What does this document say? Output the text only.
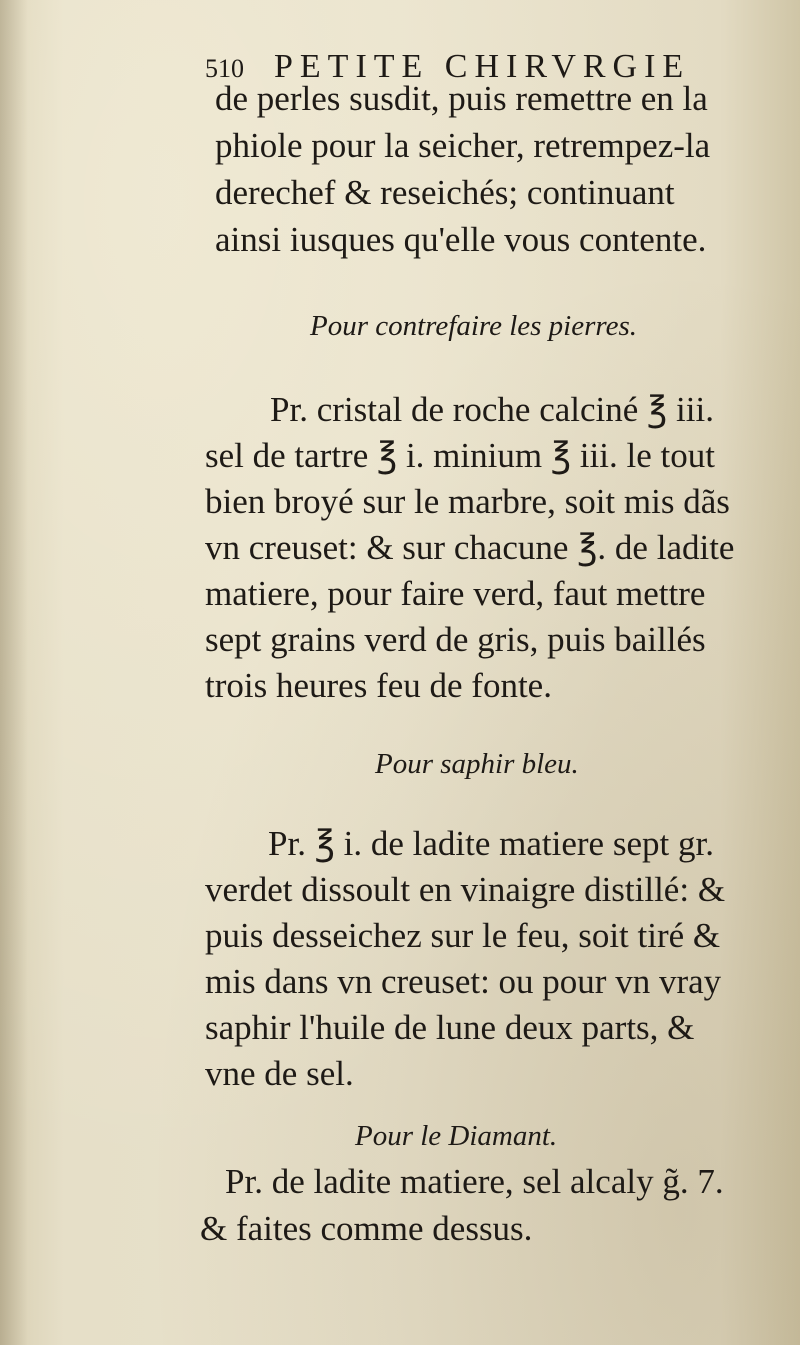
510 PETITE CHIRVRGIE
de perles susdit, puis remettre en la
phiole pour la seicher, retrempez-la
derechef & reseichés; continuant
ainsi iusques qu'elle vous contente.
Pour contrefaire les pierres.
Pr. cristal de roche calciné ℥ iii.
sel de tartre ℥ i. minium ℥ iii. le tout
bien broyé sur le marbre, soit mis dãs
vn creuset: & sur chacune ℥. de ladite
matiere, pour faire verd, faut mettre
sept grains verd de gris, puis baillés
trois heures feu de fonte.
Pour saphir bleu.
Pr. ℥ i. de ladite matiere sept gr.
verdet dissoult en vinaigre distillé: &
puis desseichez sur le feu, soit tiré &
mis dans vn creuset: ou pour vn vray
saphir l'huile de lune deux parts, &
vne de sel.
Pour le Diamant.
Pr. de ladite matiere, sel alcaly g̃. 7.
& faites comme dessus.
